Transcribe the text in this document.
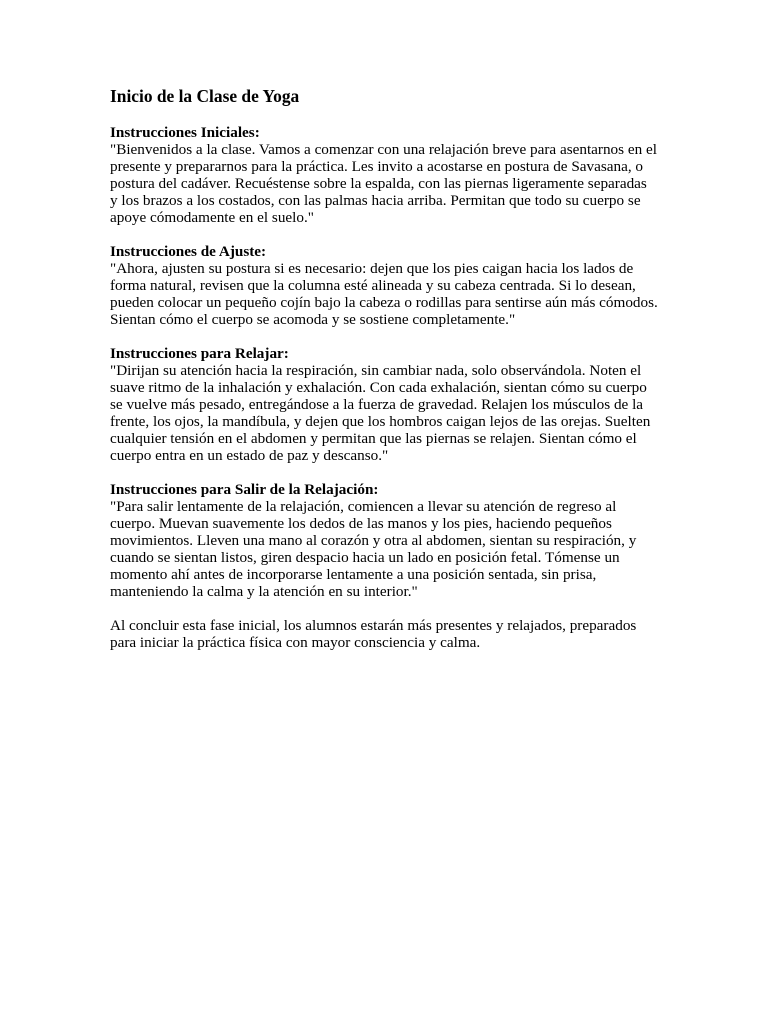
Inicio de la Clase de Yoga
Instrucciones Iniciales:
"Bienvenidos a la clase. Vamos a comenzar con una relajación breve para asentarnos en el presente y prepararnos para la práctica. Les invito a acostarse en postura de Savasana, o postura del cadáver. Recuéstense sobre la espalda, con las piernas ligeramente separadas y los brazos a los costados, con las palmas hacia arriba. Permitan que todo su cuerpo se apoye cómodamente en el suelo."
Instrucciones de Ajuste:
"Ahora, ajusten su postura si es necesario: dejen que los pies caigan hacia los lados de forma natural, revisen que la columna esté alineada y su cabeza centrada. Si lo desean, pueden colocar un pequeño cojín bajo la cabeza o rodillas para sentirse aún más cómodos. Sientan cómo el cuerpo se acomoda y se sostiene completamente."
Instrucciones para Relajar:
"Dirijan su atención hacia la respiración, sin cambiar nada, solo observándola. Noten el suave ritmo de la inhalación y exhalación. Con cada exhalación, sientan cómo su cuerpo se vuelve más pesado, entregándose a la fuerza de gravedad. Relajen los músculos de la frente, los ojos, la mandíbula, y dejen que los hombros caigan lejos de las orejas. Suelten cualquier tensión en el abdomen y permitan que las piernas se relajen. Sientan cómo el cuerpo entra en un estado de paz y descanso."
Instrucciones para Salir de la Relajación:
"Para salir lentamente de la relajación, comiencen a llevar su atención de regreso al cuerpo. Muevan suavemente los dedos de las manos y los pies, haciendo pequeños movimientos. Lleven una mano al corazón y otra al abdomen, sientan su respiración, y cuando se sientan listos, giren despacio hacia un lado en posición fetal. Tómense un momento ahí antes de incorporarse lentamente a una posición sentada, sin prisa, manteniendo la calma y la atención en su interior."

Al concluir esta fase inicial, los alumnos estarán más presentes y relajados, preparados para iniciar la práctica física con mayor consciencia y calma.
